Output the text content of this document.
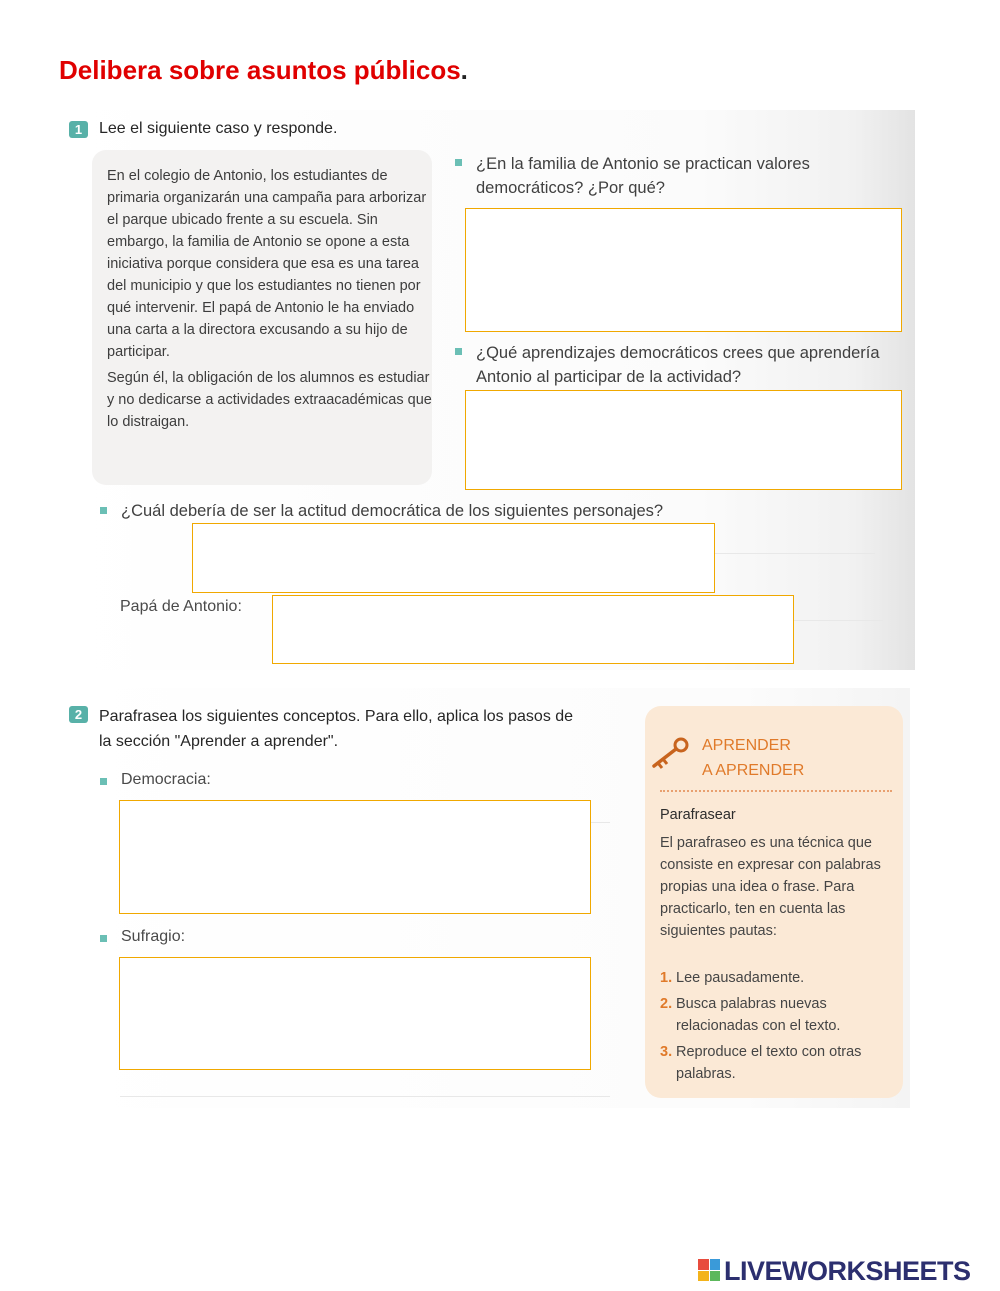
Delibera sobre asuntos públicos.
1	Lee el siguiente caso y responde.

En el colegio de Antonio, los estudiantes de primaria organizarán una campaña para arborizar el parque ubicado frente a su escuela. Sin embargo, la familia de Antonio se opone a esta iniciativa porque considera que esa es una tarea del municipio y que los estudiantes no tienen por qué intervenir. El papá de Antonio le ha enviado una carta a la directora excusando a su hijo de participar.

Según él, la obligación de los alumnos es estudiar y no dedicarse a actividades extraacadémicas que lo distraigan.

¿En la familia de Antonio se practican valores democráticos? ¿Por qué?
¿Qué aprendizajes democráticos crees que aprendería Antonio al participar de la actividad?
¿Cuál debería de ser la actitud democrática de los siguientes personajes?
Papá de Antonio:
2	Parafrasea los siguientes conceptos. Para ello, aplica los pasos de la sección "Aprender a aprender".
Democracia:
Sufragio:
APRENDER
A APRENDER
Parafrasear
El parafraseo es una técnica que consiste en expresar con palabras propias una idea o frase. Para practicarlo, ten en cuenta las siguientes pautas:
1. Lee pausadamente.
2. Busca palabras nuevas relacionadas con el texto.
3. Reproduce el texto con otras palabras.
LIVEWORKSHEETS
